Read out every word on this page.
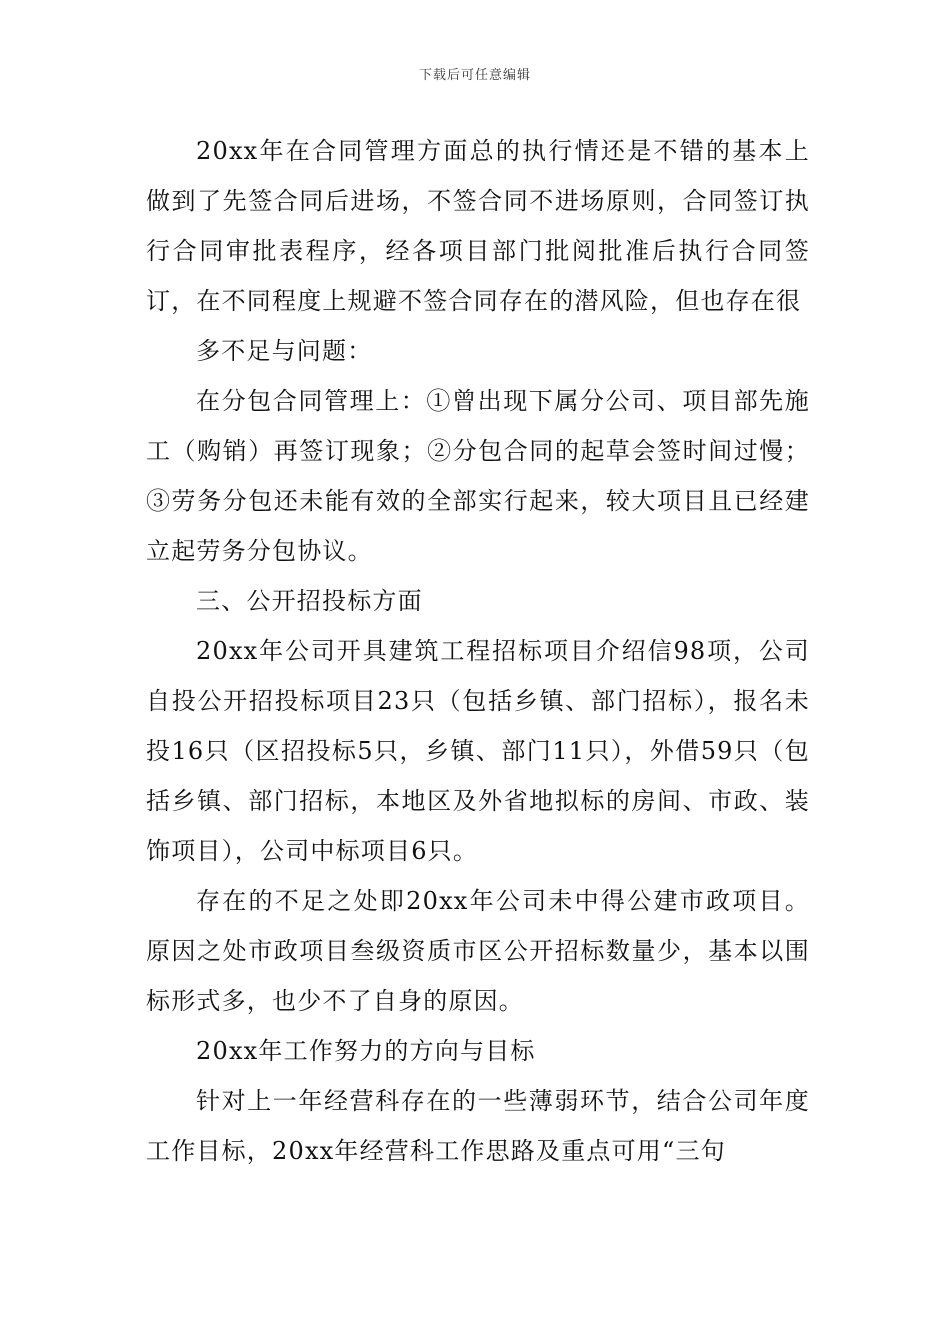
下载后可任意编辑

20xx年在合同管理方面总的执行情还是不错的基本上做到了先签合同后进场，不签合同不进场原则，合同签订执行合同审批表程序，经各项目部门批阅批准后执行合同签订，在不同程度上规避不签合同存在的潜风险，但也存在很

多不足与问题：

在分包合同管理上：①曾出现下属分公司、项目部先施工（购销）再签订现象；②分包合同的起草会签时间过慢；③劳务分包还未能有效的全部实行起来，较大项目且已经建立起劳务分包协议。

三、公开招投标方面

20xx年公司开具建筑工程招标项目介绍信98项，公司自投公开招投标项目23只（包括乡镇、部门招标），报名未投16只（区招投标5只，乡镇、部门11只），外借59只（包括乡镇、部门招标，本地区及外省地拟标的房间、市政、装饰项目），公司中标项目6只。

存在的不足之处即20xx年公司未中得公建市政项目。原因之处市政项目叁级资质市区公开招标数量少，基本以围标形式多，也少不了自身的原因。

20xx年工作努力的方向与目标

针对上一年经营科存在的一些薄弱环节，结合公司年度工作目标，20xx年经营科工作思路及重点可用“三句
